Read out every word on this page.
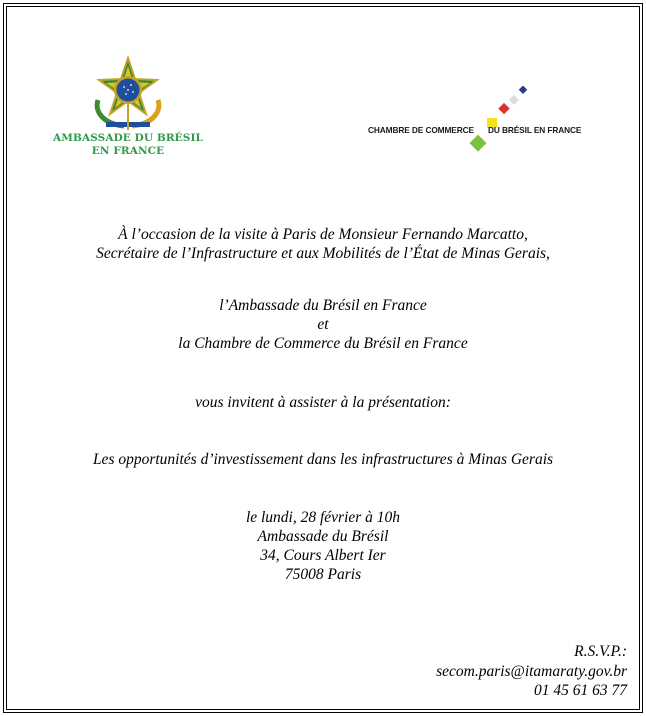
AMBASSADE DU BRÉSIL
EN FRANCE
CHAMBRE DE COMMERCE DU BRÉSIL EN FRANCE
À l’occasion de la visite à Paris de Monsieur Fernando Marcatto,
Secrétaire de l’Infrastructure et aux Mobilités de l’État de Minas Gerais,
l’Ambassade du Brésil en France
et
la Chambre de Commerce du Brésil en France
vous invitent à assister à la présentation:
Les opportunités d’investissement dans les infrastructures à Minas Gerais
le lundi, 28 février à 10h
Ambassade du Brésil
34, Cours Albert Ier
75008 Paris
R.S.V.P.:
secom.paris@itamaraty.gov.br
01 45 61 63 77
